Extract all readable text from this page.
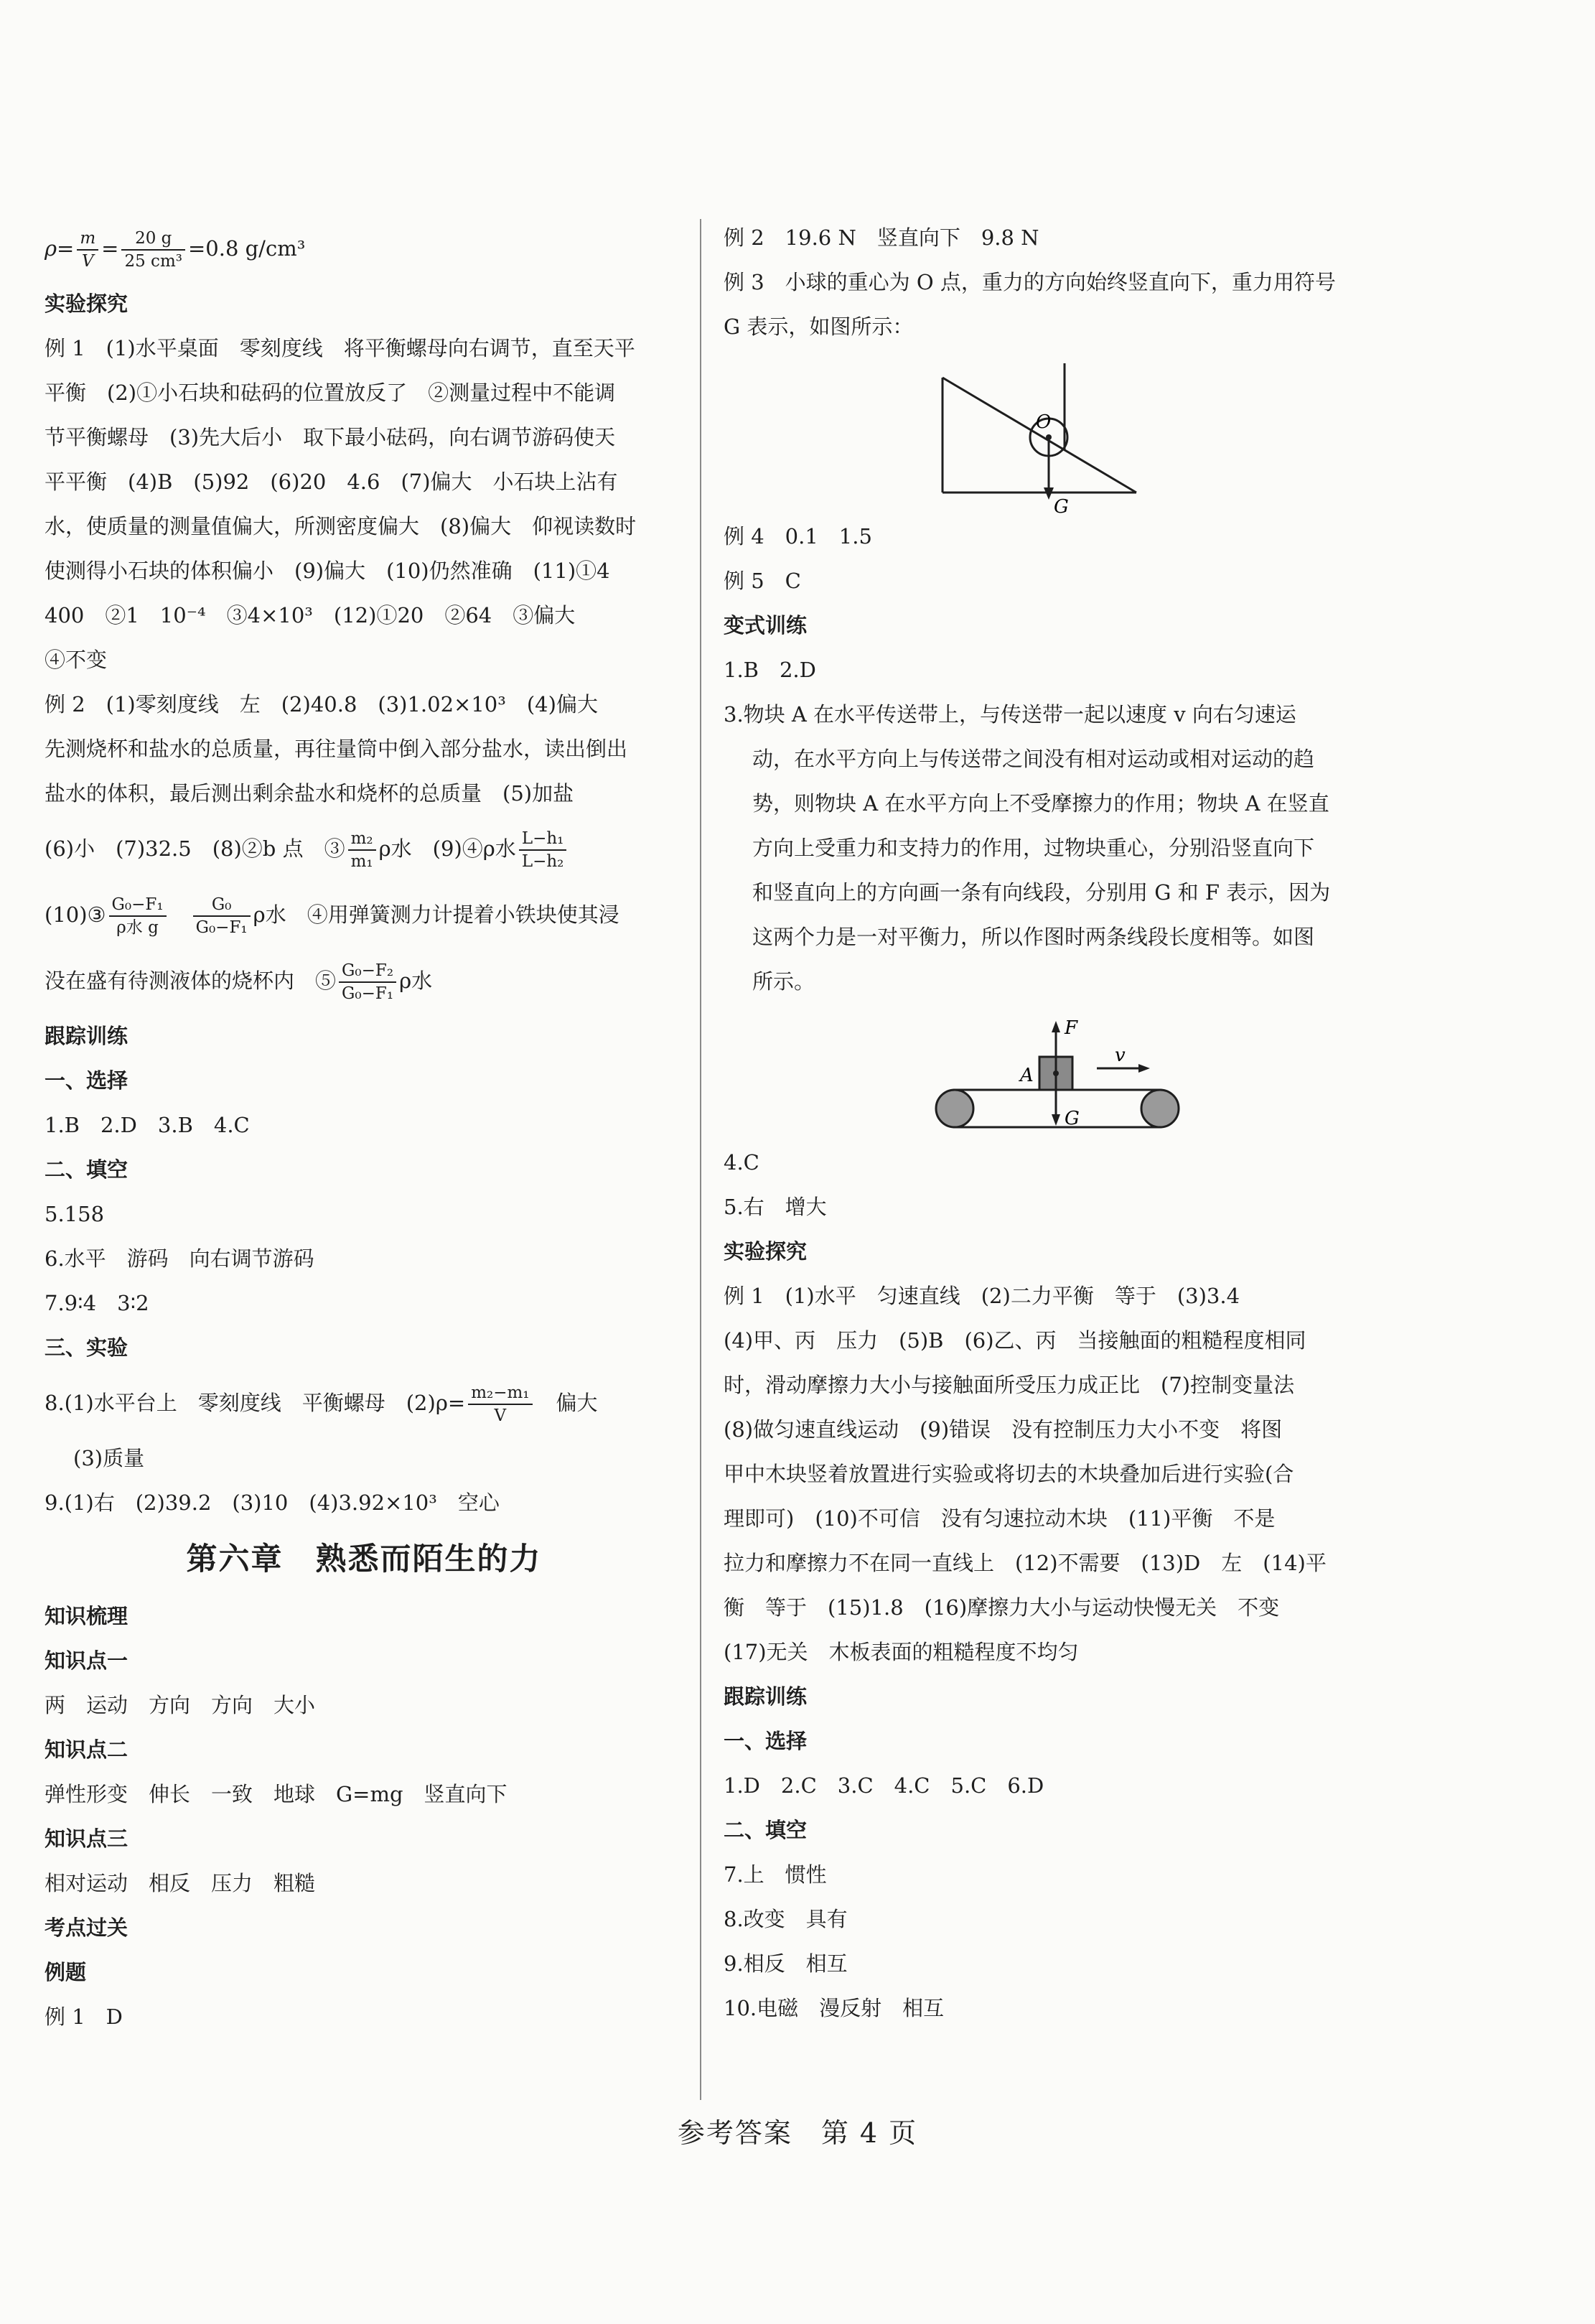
$\rho= \frac{m}{V} = \frac{20 g}{\text{25 cm³}} =0.8$ g/cm³
实验探究
例 1　(1)水平桌面　零刻度线　将平衡螺母向右调节，直至天平
平衡　(2)①小石块和砝码的位置放反了　②测量过程中不能调
节平衡螺母　(3)先大后小　取下最小砝码，向右调节游码使天
平平衡　(4)B　(5)92　(6)20　4.6　(7)偏大　小石块上沾有
水，使质量的测量值偏大，所测密度偏大　(8)偏大　仰视读数时
使测得小石块的体积偏小　(9)偏大　(10)仍然准确　(11)①4
400　②1　10⁻⁴　③4×10³　(12)①20　②64　③偏大
④不变
例 2　(1)零刻度线　左　(2)40.8　(3)1.02×10³　(4)偏大
先测烧杯和盐水的总质量，再往量筒中倒入部分盐水，读出倒出
盐水的体积，最后测出剩余盐水和烧杯的总质量　(5)加盐
(6)小　(7)32.5　(8)②b 点　③ $\frac{\text{m₂}}{\text{m₁}}$ ρ水　(9)④ρ水 $\frac{\text{L−h₁}}{\text{L−h₂}}$
(10)③ $\frac{\text{G₀−F₁}}{\text{ρ水 g}}$
　 $\frac{\text{G₀}}{\text{G₀−F₁}}$ ρ水　④用弹簧测力计提着小铁块使其浸
没在盛有待测液体的烧杯内　⑤ $\frac{\text{G₀−F₂}}{\text{G₀−F₁}}$ ρ水
跟踪训练
一、选择
1.B　2.D　3.B　4.C
二、填空
5.158
6.水平　游码　向右调节游码
7.9∶4　3∶2
三、实验
8.(1)水平台上　零刻度线　平衡螺母　$(2)\rho= \frac{\text{m₂−m₁}}{V}$ 　偏大
(3)质量
9.(1)右　(2)39.2　(3)10　(4)3.92×10³　空心
第六章　熟悉而陌生的力
知识梳理
知识点一
两　运动　方向　方向　大小
知识点二
弹性形变　伸长　一致　地球　G=mg　竖直向下
知识点三
相对运动　相反　压力　粗糙
考点过关
例题
例 1　D
例 2　19.6 N　竖直向下　9.8 N
例 3　小球的重心为 O 点，重力的方向始终竖直向下，重力用符号
G 表示，如图所示：
O
G
例 4　0.1　1.5
例 5　C
变式训练
1.B　2.D
3.物块 A 在水平传送带上，与传送带一起以速度 v 向右匀速运
动，在水平方向上与传送带之间没有相对运动或相对运动的趋
势，则物块 A 在水平方向上不受摩擦力的作用；物块 A 在竖直
方向上受重力和支持力的作用，过物块重心，分别沿竖直向下
和竖直向上的方向画一条有向线段，分别用 G 和 F 表示，因为
这两个力是一对平衡力，所以作图时两条线段长度相等。如图
所示。
A
F
G
v
4.C
5.右　增大
实验探究
例 1　(1)水平　匀速直线　(2)二力平衡　等于　(3)3.4
(4)甲、丙　压力　(5)B　(6)乙、丙　当接触面的粗糙程度相同
时，滑动摩擦力大小与接触面所受压力成正比　(7)控制变量法
(8)做匀速直线运动　(9)错误　没有控制压力大小不变　将图
甲中木块竖着放置进行实验或将切去的木块叠加后进行实验(合
理即可)　(10)不可信　没有匀速拉动木块　(11)平衡　不是
拉力和摩擦力不在同一直线上　(12)不需要　(13)D　左　(14)平
衡　等于　(15)1.8　(16)摩擦力大小与运动快慢无关　不变
(17)无关　木板表面的粗糙程度不均匀
跟踪训练
一、选择
1.D　2.C　3.C　4.C　5.C　6.D
二、填空
7.上　惯性
8.改变　具有
9.相反　相互
10.电磁　漫反射　相互
参考答案　第 4 页
